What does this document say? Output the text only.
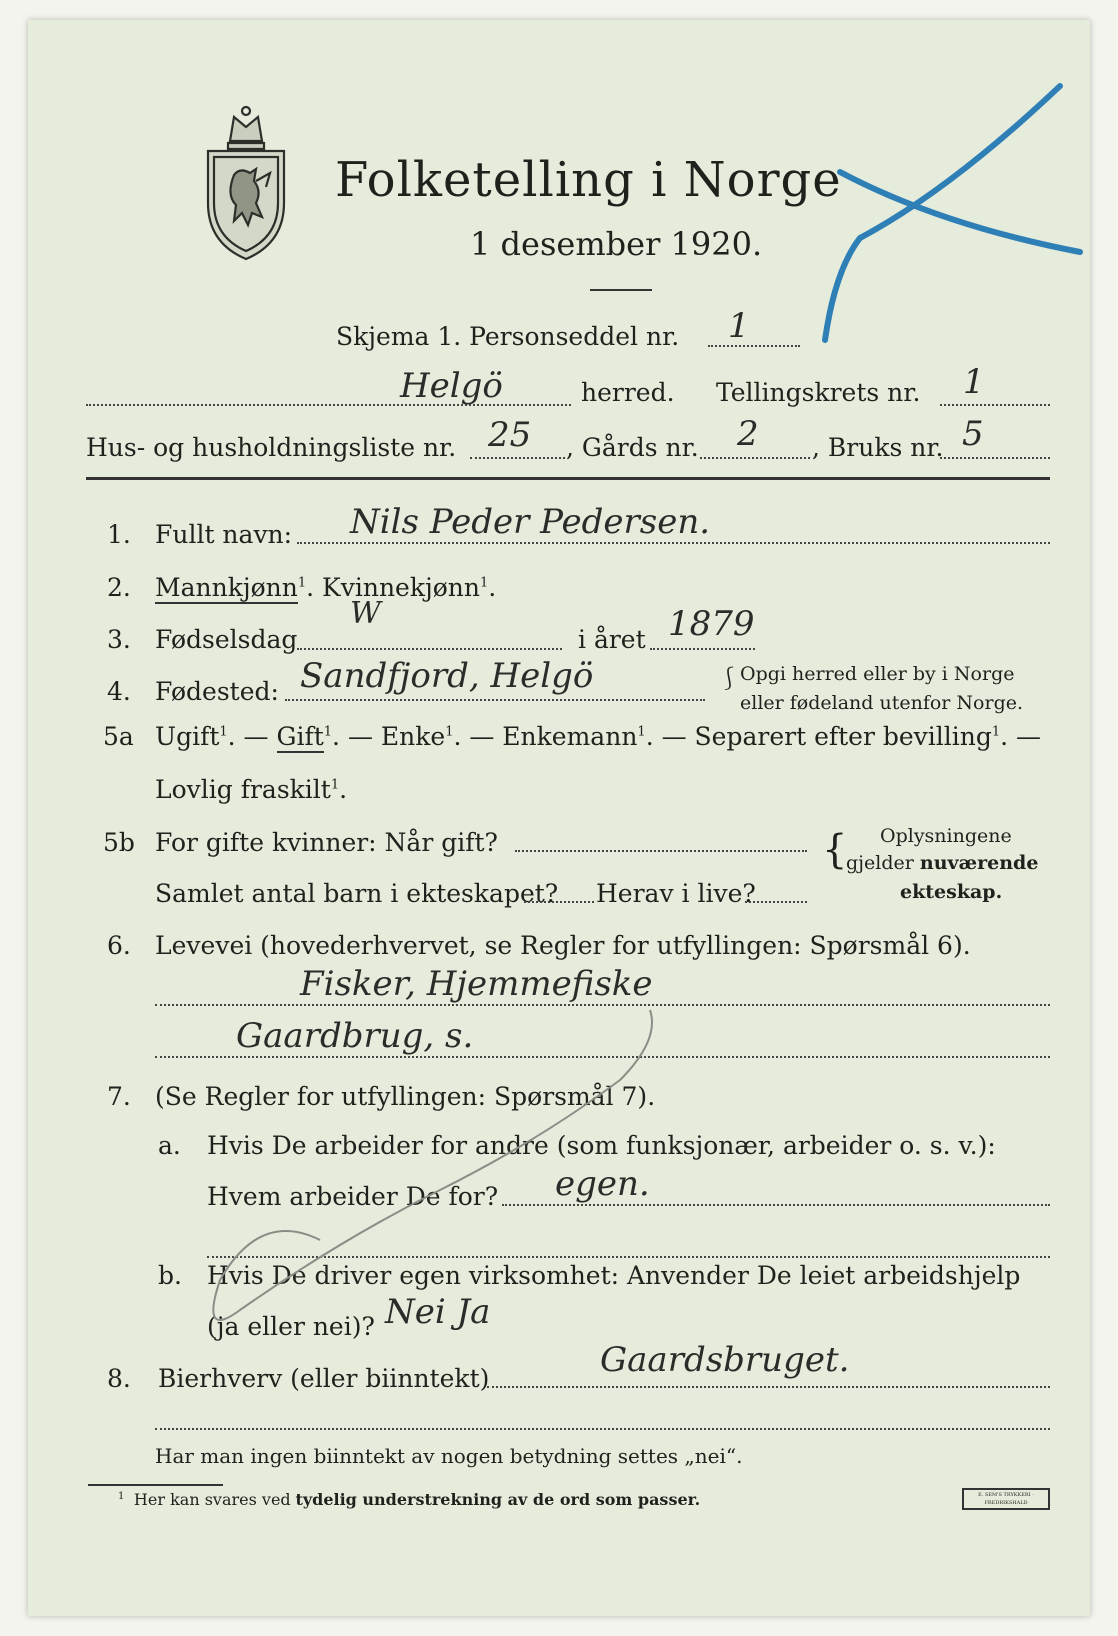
Folketelling i Norge
1 desember 1920.
Skjema 1. Personseddel nr. 1
Helgö	herred. Tellingskrets nr. 1
Hus- og husholdningsliste nr. 25 , Gårds nr. 2 , Bruks nr. 5
1. Fullt navn: Nils Peder Pedersen.
2. Mannkjønn$^1$. Kvinnekjønn$^1$.
3. Fødselsdag
W
i året 1879
4. Fødested: Sandfjord, Helgö	⎰ Opgi herred eller by i Norge
eller fødeland utenfor Norge.
5a Ugift$^1$. — Gift$^1$. — Enke$^1$. — Enkemann$^1$. — Separert efter bevilling$^1$. —
Lovlig fraskilt$^1$.
5b For gifte kvinner: Når gift?
Samlet antal barn i ekteskapet? Herav i live?
{ Oplysningene
gjelder nuværende
ekteskap.
6. Levevei (hovederhvervet, se Regler for utfyllingen: Spørsmål 6).
Fisker, Hjemmefiske
Gaardbrug, s.
7. (Se Regler for utfyllingen: Spørsmål 7).
a. Hvis De arbeider for andre (som funksjonær, arbeider o. s. v.):
Hvem arbeider De for? egen.
b. Hvis De driver egen virksomhet: Anvender De leiet arbeidshjelp
(ja eller nei)? Nei Ja
8. Bierhverv (eller biinntekt)	Gaardsbruget.
Har man ingen biinntekt av nogen betydning settes „nei“.
$^1$ Her kan svares ved tydelig understrekning av de ord som passer.	E. SEM'S TRYKKERI · FREDRIKSHALD
